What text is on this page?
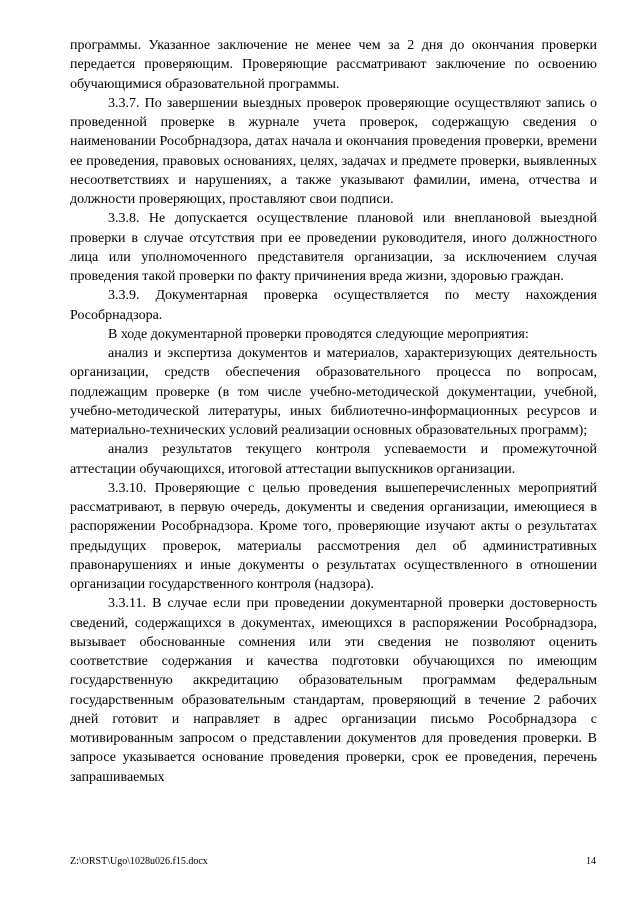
программы. Указанное заключение не менее чем за 2 дня до окончания проверки передается проверяющим. Проверяющие рассматривают заключение по освоению обучающимися образовательной программы.

3.3.7. По завершении выездных проверок проверяющие осуществляют запись о проведенной проверке в журнале учета проверок, содержащую сведения о наименовании Рособрнадзора, датах начала и окончания проведения проверки, времени ее проведения, правовых основаниях, целях, задачах и предмете проверки, выявленных несоответствиях и нарушениях, а также указывают фамилии, имена, отчества и должности проверяющих, проставляют свои подписи.

3.3.8. Не допускается осуществление плановой или внеплановой выездной проверки в случае отсутствия при ее проведении руководителя, иного должностного лица или уполномоченного представителя организации, за исключением случая проведения такой проверки по факту причинения вреда жизни, здоровью граждан.

3.3.9. Документарная проверка осуществляется по месту нахождения Рособрнадзора.

В ходе документарной проверки проводятся следующие мероприятия:

анализ и экспертиза документов и материалов, характеризующих деятельность организации, средств обеспечения образовательного процесса по вопросам, подлежащим проверке (в том числе учебно-методической документации, учебной, учебно-методической литературы, иных библиотечно-информационных ресурсов и материально-технических условий реализации основных образовательных программ);

анализ результатов текущего контроля успеваемости и промежуточной аттестации обучающихся, итоговой аттестации выпускников организации.

3.3.10. Проверяющие с целью проведения вышеперечисленных мероприятий рассматривают, в первую очередь, документы и сведения организации, имеющиеся в распоряжении Рособрнадзора. Кроме того, проверяющие изучают акты о результатах предыдущих проверок, материалы рассмотрения дел об административных правонарушениях и иные документы о результатах осуществленного в отношении организации государственного контроля (надзора).

3.3.11. В случае если при проведении документарной проверки достоверность сведений, содержащихся в документах, имеющихся в распоряжении Рособрнадзора, вызывает обоснованные сомнения или эти сведения не позволяют оценить соответствие содержания и качества подготовки обучающихся по имеющим государственную аккредитацию образовательным программам федеральным государственным образовательным стандартам, проверяющий в течение 2 рабочих дней готовит и направляет в адрес организации письмо Рособрнадзора с мотивированным запросом о представлении документов для проведения проверки. В запросе указывается основание проведения проверки, срок ее проведения, перечень запрашиваемых

Z:\ORST\Ugo\1028u026.f15.docx	14
